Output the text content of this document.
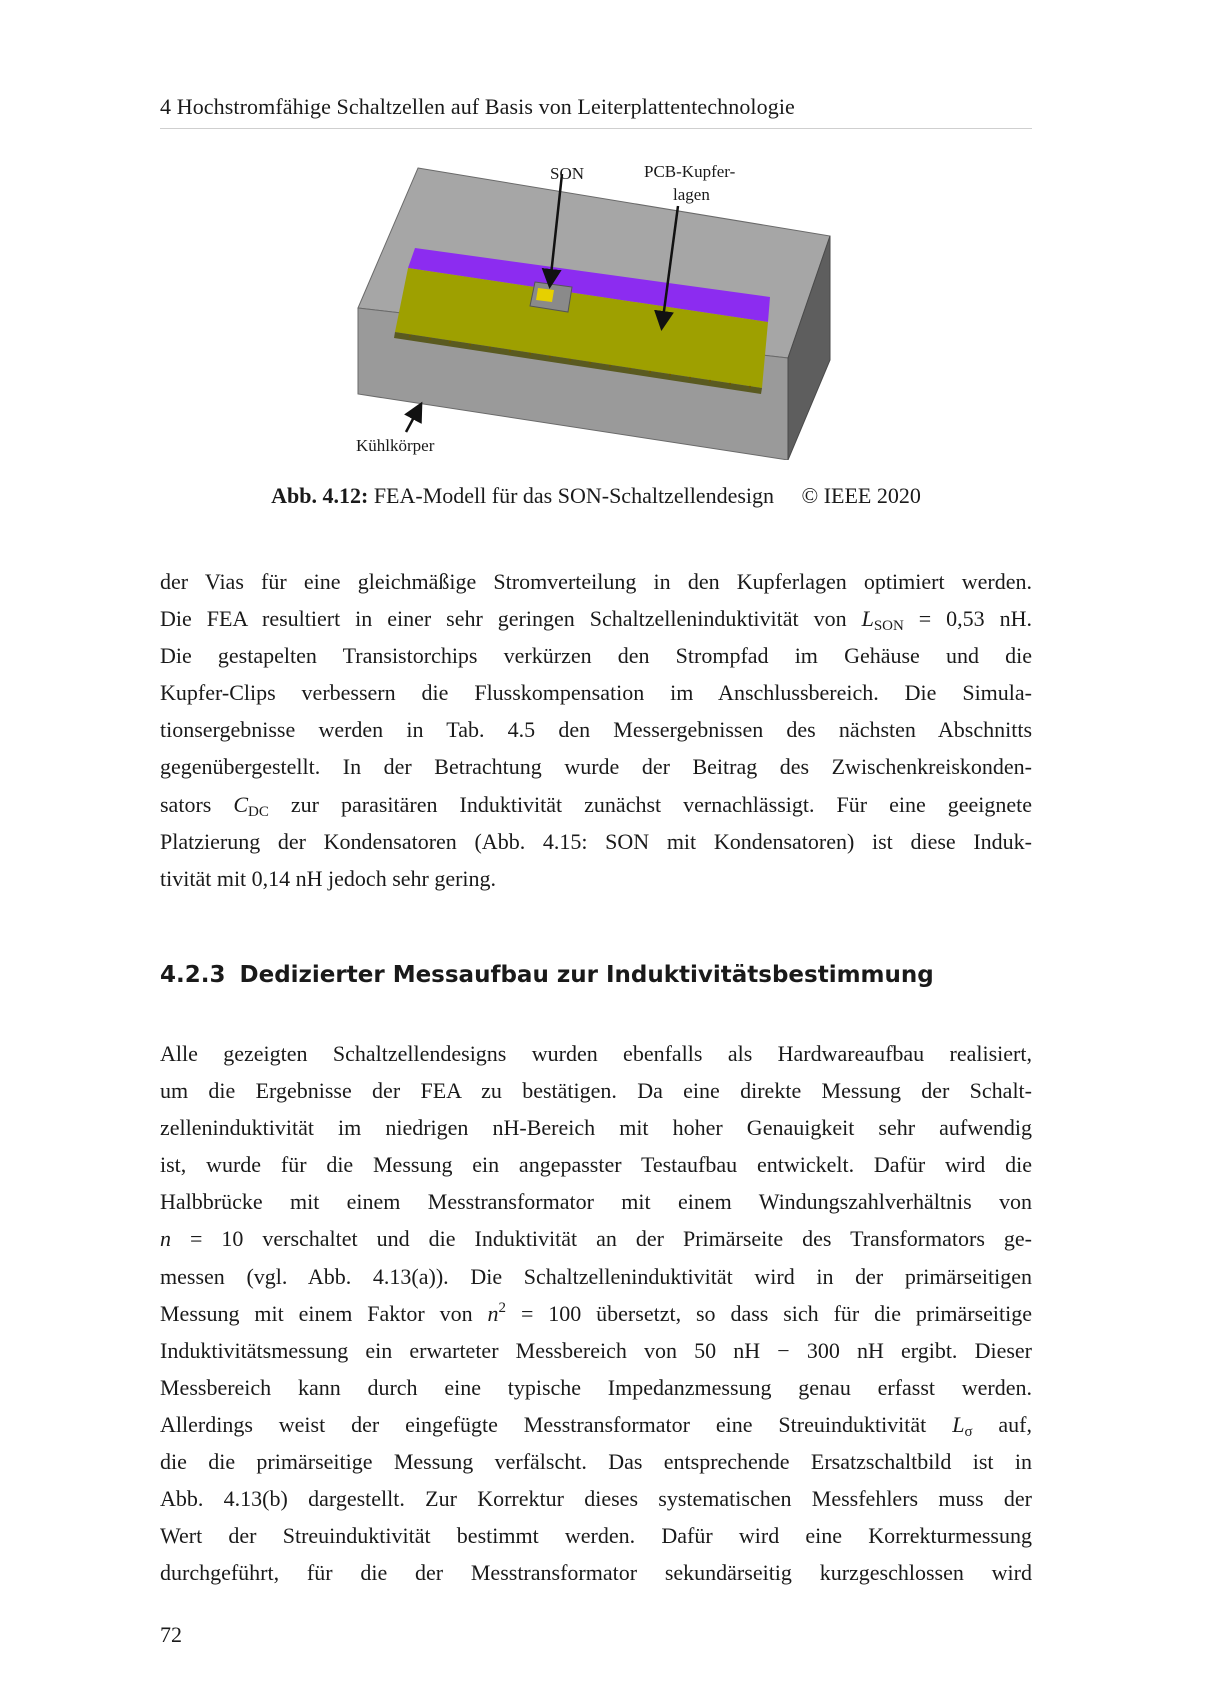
4 Hochstromfähige Schaltzellen auf Basis von Leiterplattentechnologie
SON	PCB-Kupfer-
lagen
Kühlkörper
Abb. 4.12: FEA-Modell für das SON-Schaltzellendesign © IEEE 2020
der Vias für eine gleichmäßige Stromverteilung in den Kupferlagen optimiert werden.
Die FEA resultiert in einer sehr geringen Schaltzelleninduktivität von $L_{SON} = 0,53$ nH.
Die gestapelten Transistorchips verkürzen den Strompfad im Gehäuse und die
Kupfer-Clips verbessern die Flusskompensation im Anschlussbereich. Die Simula-
tionsergebnisse werden in Tab. 4.5 den Messergebnissen des nächsten Abschnitts
gegenübergestellt. In der Betrachtung wurde der Beitrag des Zwischenkreiskonden-
sators $C_{DC}$ zur parasitären Induktivität zunächst vernachlässigt. Für eine geeignete
Platzierung der Kondensatoren (Abb. 4.15: SON mit Kondensatoren) ist diese Induk-
tivität mit 0,14 nH jedoch sehr gering.
4.2.3 Dedizierter Messaufbau zur Induktivitätsbestimmung
Alle gezeigten Schaltzellendesigns wurden ebenfalls als Hardwareaufbau realisiert,
um die Ergebnisse der FEA zu bestätigen. Da eine direkte Messung der Schalt-
zelleninduktivität im niedrigen nH-Bereich mit hoher Genauigkeit sehr aufwendig
ist, wurde für die Messung ein angepasster Testaufbau entwickelt. Dafür wird die
Halbbrücke mit einem Messtransformator mit einem Windungszahlverhältnis von
n = 10 verschaltet und die Induktivität an der Primärseite des Transformators ge-
messen (vgl. Abb. 4.13(a)). Die Schaltzelleninduktivität wird in der primärseitigen
Messung mit einem Faktor von $n^2 = 100$ übersetzt, so dass sich für die primärseitige
Induktivitätsmessung ein erwarteter Messbereich von 50 nH − 300 nH ergibt. Dieser
Messbereich kann durch eine typische Impedanzmessung genau erfasst werden.
Allerdings weist der eingefügte Messtransformator eine Streuinduktivität $L_\sigma$ auf,
die die primärseitige Messung verfälscht. Das entsprechende Ersatzschaltbild ist in
Abb. 4.13(b) dargestellt. Zur Korrektur dieses systematischen Messfehlers muss der
Wert der Streuinduktivität bestimmt werden. Dafür wird eine Korrekturmessung
durchgeführt, für die der Messtransformator sekundärseitig kurzgeschlossen wird
72
